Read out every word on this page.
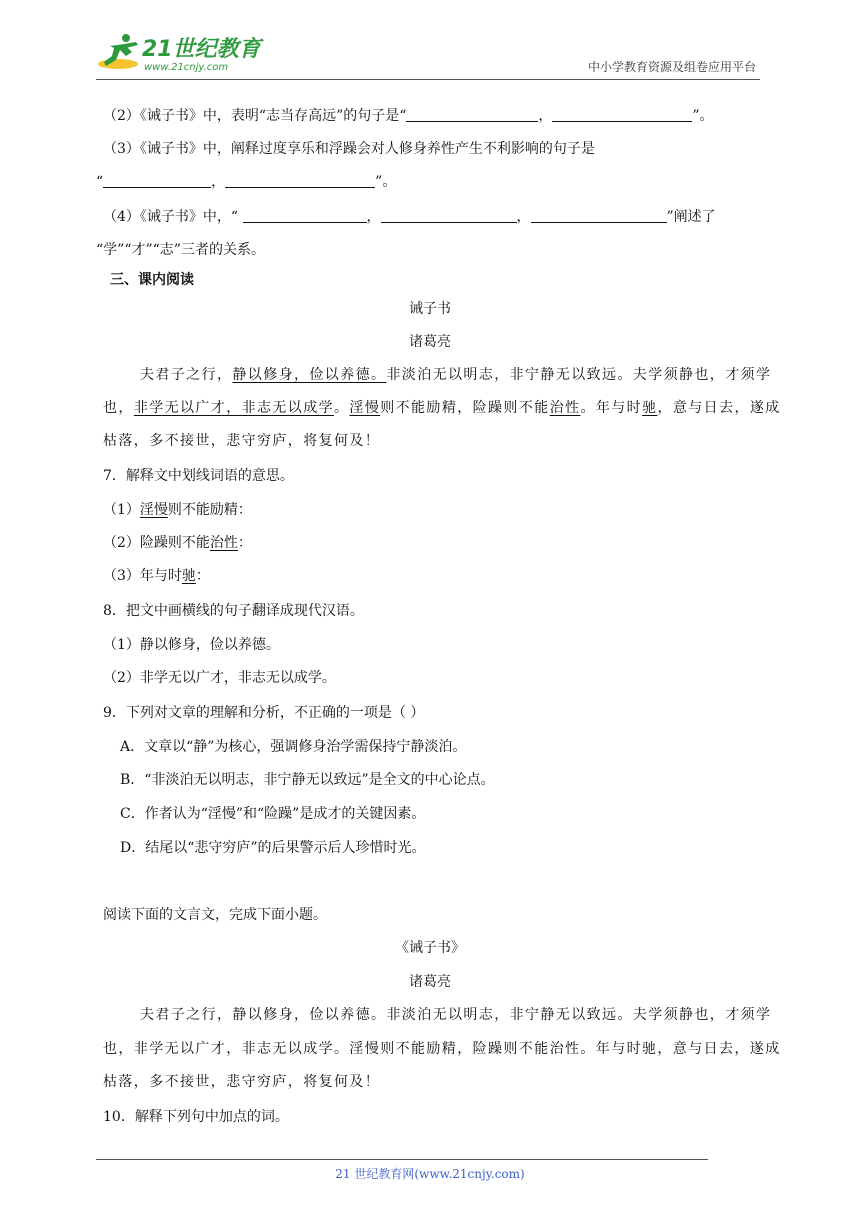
21世纪教育
www.21cnjy.com	中小学教育资源及组卷应用平台
（2）《诫子书》中，表明“志当存高远”的句子是“	，	”。
（3）《诫子书》中，阐释过度享乐和浮躁会对人修身养性产生不利影响的句子是
“	，	”。
（4）《诫子书》中，“	，	，	”阐述了
“学”“才”“志”三者的关系。
三、课内阅读
诫子书
诸葛亮
夫君子之行，静以修身，俭以养德。非淡泊无以明志，非宁静无以致远。夫学须静也，才须学
也，非学无以广才，非志无以成学。淫慢则不能励精，险躁则不能治性。年与时驰，意与日去，遂成
枯落，多不接世，悲守穷庐，将复何及！
7．解释文中划线词语的意思。
（1）淫慢则不能励精：
（2）险躁则不能治性：
（3）年与时驰：
8．把文中画横线的句子翻译成现代汉语。
（1）静以修身，俭以养德。
（2）非学无以广才，非志无以成学。
9．下列对文章的理解和分析，不正确的一项是（ ）
A．文章以“静”为核心，强调修身治学需保持宁静淡泊。
B．“非淡泊无以明志，非宁静无以致远”是全文的中心论点。
C．作者认为“淫慢”和“险躁”是成才的关键因素。
D．结尾以“悲守穷庐”的后果警示后人珍惜时光。
阅读下面的文言文，完成下面小题。
《诫子书》
诸葛亮
夫君子之行，静以修身，俭以养德。非淡泊无以明志，非宁静无以致远。夫学须静也，才须学
也，非学无以广才，非志无以成学。淫慢则不能励精，险躁则不能治性。年与时驰，意与日去，遂成
枯落，多不接世，悲守穷庐，将复何及！
10．解释下列句中加点的词。
21 世纪教育网(www.21cnjy.com)
